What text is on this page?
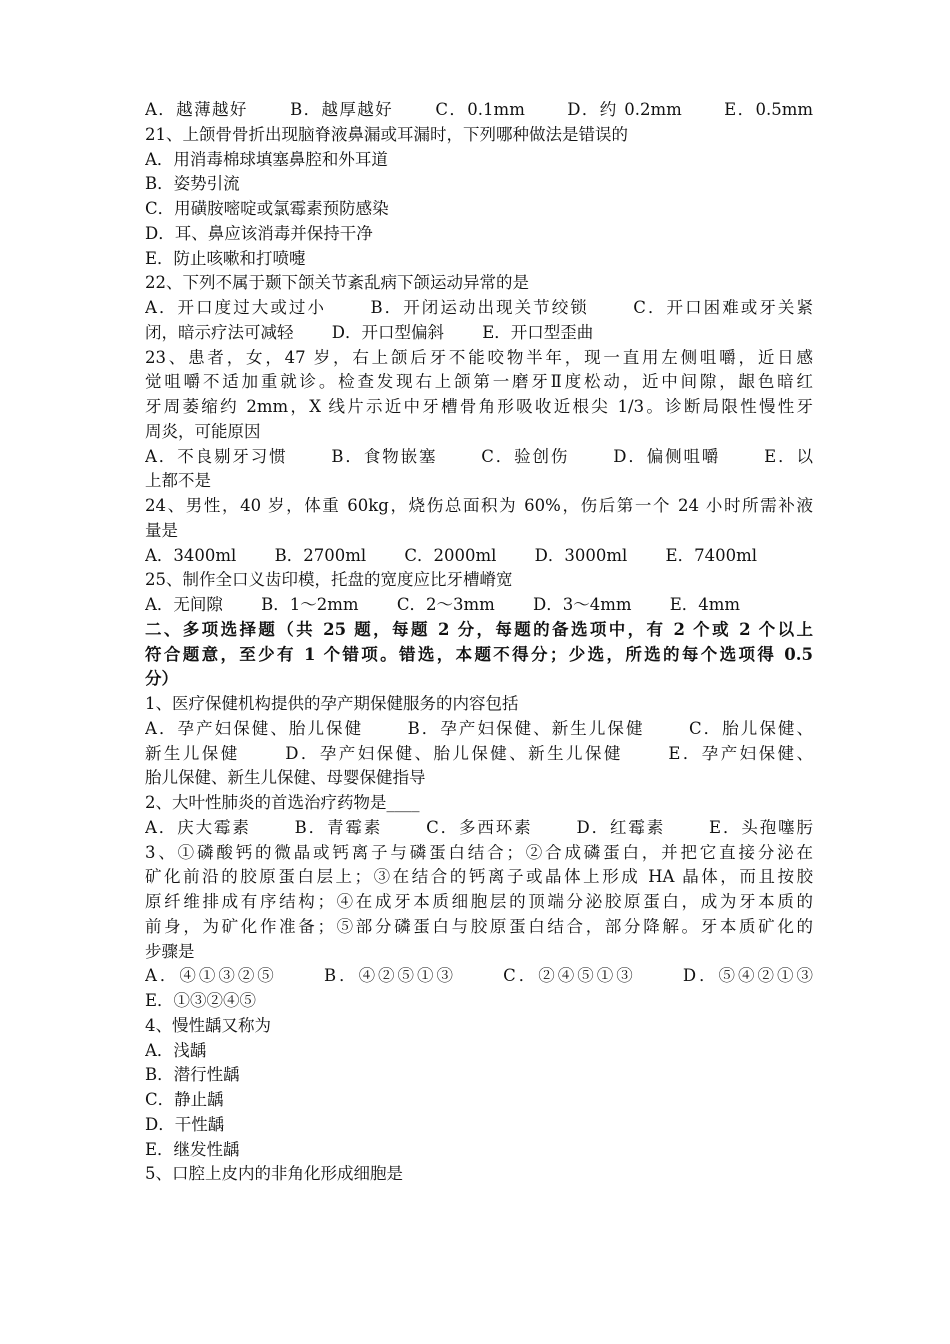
A．越薄越好 　　B．越厚越好 　　C．0.1mm 　　D．约 0.2mm 　　E．0.5mm
21、上颌骨骨折出现脑脊液鼻漏或耳漏时，下列哪种做法是错误的
A．用消毒棉球填塞鼻腔和外耳道
B．姿势引流
C．用磺胺嘧啶或氯霉素预防感染
D．耳、鼻应该消毒并保持干净
E．防止咳嗽和打喷嚏
22、下列不属于颞下颌关节紊乱病下颌运动异常的是
A．开口度过大或过小 　　B．开闭运动出现关节绞锁 　　C．开口困难或牙关紧
闭，暗示疗法可减轻 　　D．开口型偏斜 　　E．开口型歪曲
23、患者，女，47 岁，右上颌后牙不能咬物半年，现一直用左侧咀嚼，近日感
觉咀嚼不适加重就诊。检查发现右上颌第一磨牙Ⅱ度松动，近中间隙，龈色暗红
牙周萎缩约 2mm，X 线片示近中牙槽骨角形吸收近根尖 1/3。诊断局限性慢性牙
周炎，可能原因
A．不良剔牙习惯 　　B．食物嵌塞 　　C．验创伤 　　D．偏侧咀嚼 　　E．以
上都不是
24、男性，40 岁，体重 60kg，烧伤总面积为 60%，伤后第一个 24 小时所需补液
量是
A．3400ml 　　B．2700ml 　　C．2000ml 　　D．3000ml 　　E．7400ml
25、制作全口义齿印模，托盘的宽度应比牙槽嵴宽
A．无间隙 　　B．1～2mm 　　C．2～3mm 　　D．3～4mm 　　E．4mm
二、多项选择题（共 25 题，每题 2 分，每题的备选项中，有 2 个或 2 个以上
符合题意，至少有 1 个错项。错选，本题不得分；少选，所选的每个选项得 0.5
分）
1、医疗保健机构提供的孕产期保健服务的内容包括
A．孕产妇保健、胎儿保健 　　B．孕产妇保健、新生儿保健 　　C．胎儿保健、
新生儿保健 　　D．孕产妇保健、胎儿保健、新生儿保健 　　E．孕产妇保健、
胎儿保健、新生儿保健、母婴保健指导
2、大叶性肺炎的首选治疗药物是____
A．庆大霉素 　　B．青霉素 　　C．多西环素 　　D．红霉素 　　E．头孢噻肟
3、①磷酸钙的微晶或钙离子与磷蛋白结合；②合成磷蛋白，并把它直接分泌在
矿化前沿的胶原蛋白层上；③在结合的钙离子或晶体上形成 HA 晶体，而且按胶
原纤维排成有序结构；④在成牙本质细胞层的顶端分泌胶原蛋白，成为牙本质的
前身，为矿化作准备；⑤部分磷蛋白与胶原蛋白结合，部分降解。牙本质矿化的
步骤是
A．④①③②⑤ 　　B．④②⑤①③ 　　C．②④⑤①③ 　　D．⑤④②①③
E．①③②④⑤
4、慢性龋又称为
A．浅龋
B．潜行性龋
C．静止龋
D．干性龋
E．继发性龋
5、口腔上皮内的非角化形成细胞是
